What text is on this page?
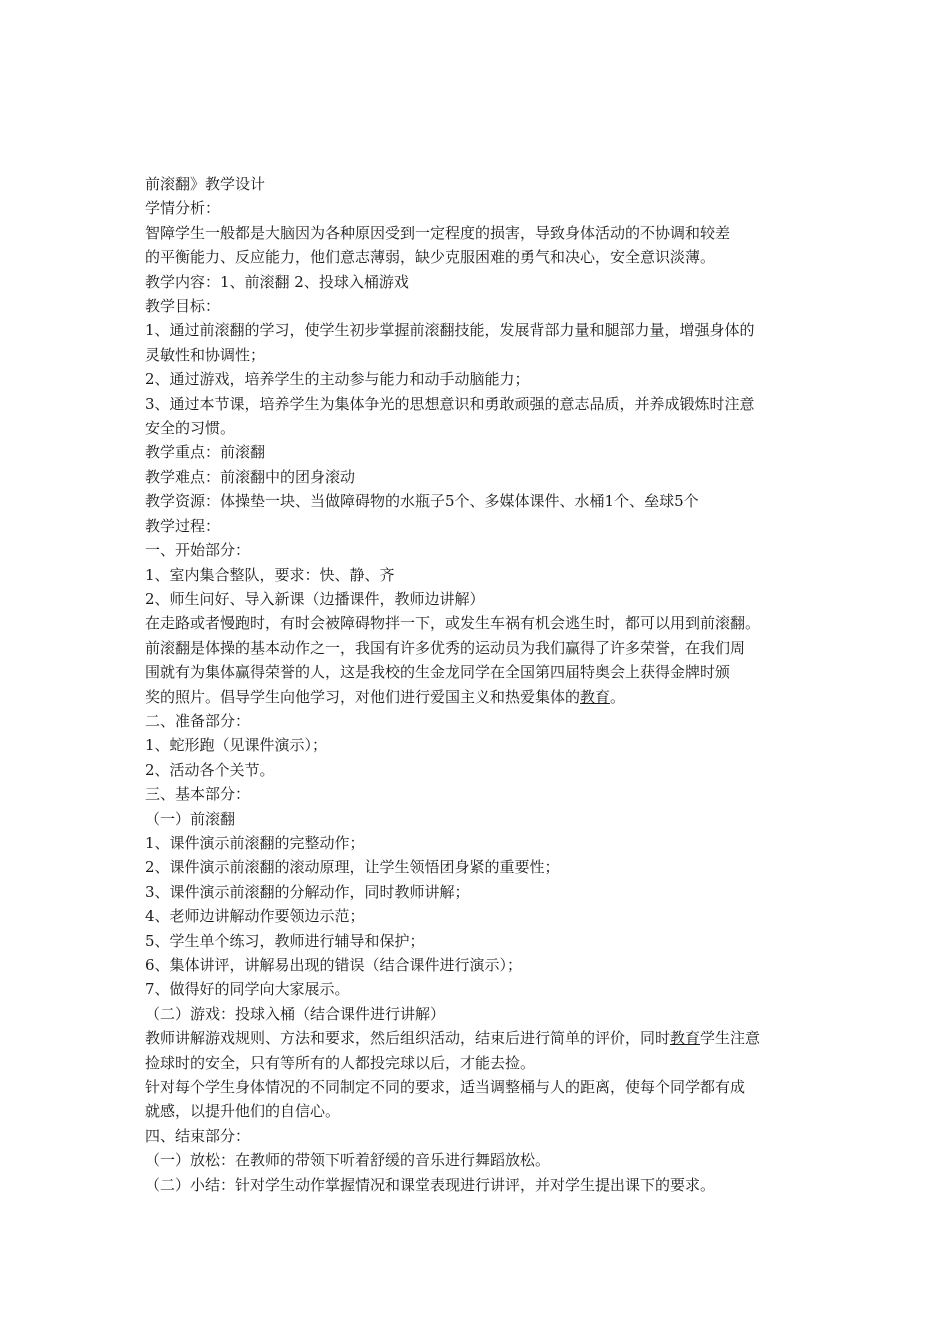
前滚翻》教学设计
学情分析：
智障学生一般都是大脑因为各种原因受到一定程度的损害，导致身体活动的不协调和较差
的平衡能力、反应能力，他们意志薄弱，缺少克服困难的勇气和决心，安全意识淡薄。
教学内容：1、前滚翻 2、投球入桶游戏
教学目标：
1、通过前滚翻的学习，使学生初步掌握前滚翻技能，发展背部力量和腿部力量，增强身体的
灵敏性和协调性；
2、通过游戏，培养学生的主动参与能力和动手动脑能力；
3、通过本节课，培养学生为集体争光的思想意识和勇敢顽强的意志品质，并养成锻炼时注意
安全的习惯。
教学重点：前滚翻
教学难点：前滚翻中的团身滚动
教学资源：体操垫一块、当做障碍物的水瓶子5个、多媒体课件、水桶1个、垒球5个
教学过程：
一、开始部分：
1、室内集合整队，要求：快、静、齐
2、师生问好、导入新课（边播课件，教师边讲解）
在走路或者慢跑时，有时会被障碍物拌一下，或发生车祸有机会逃生时，都可以用到前滚翻。
前滚翻是体操的基本动作之一，我国有许多优秀的运动员为我们赢得了许多荣誉，在我们周
围就有为集体赢得荣誉的人，这是我校的生金龙同学在全国第四届特奥会上获得金牌时颁
奖的照片。倡导学生向他学习，对他们进行爱国主义和热爱集体的教育。
二、准备部分：
1、蛇形跑（见课件演示）；
2、活动各个关节。
三、基本部分：
（一）前滚翻
1、课件演示前滚翻的完整动作；
2、课件演示前滚翻的滚动原理，让学生领悟团身紧的重要性；
3、课件演示前滚翻的分解动作，同时教师讲解；
4、老师边讲解动作要领边示范；
5、学生单个练习，教师进行辅导和保护；
6、集体讲评，讲解易出现的错误（结合课件进行演示）；
7、做得好的同学向大家展示。
（二）游戏：投球入桶（结合课件进行讲解）
教师讲解游戏规则、方法和要求，然后组织活动，结束后进行简单的评价，同时教育学生注意
捡球时的安全，只有等所有的人都投完球以后，才能去捡。
针对每个学生身体情况的不同制定不同的要求，适当调整桶与人的距离，使每个同学都有成
就感，以提升他们的自信心。
四、结束部分：
（一）放松：在教师的带领下听着舒缓的音乐进行舞蹈放松。
（二）小结：针对学生动作掌握情况和课堂表现进行讲评，并对学生提出课下的要求。
